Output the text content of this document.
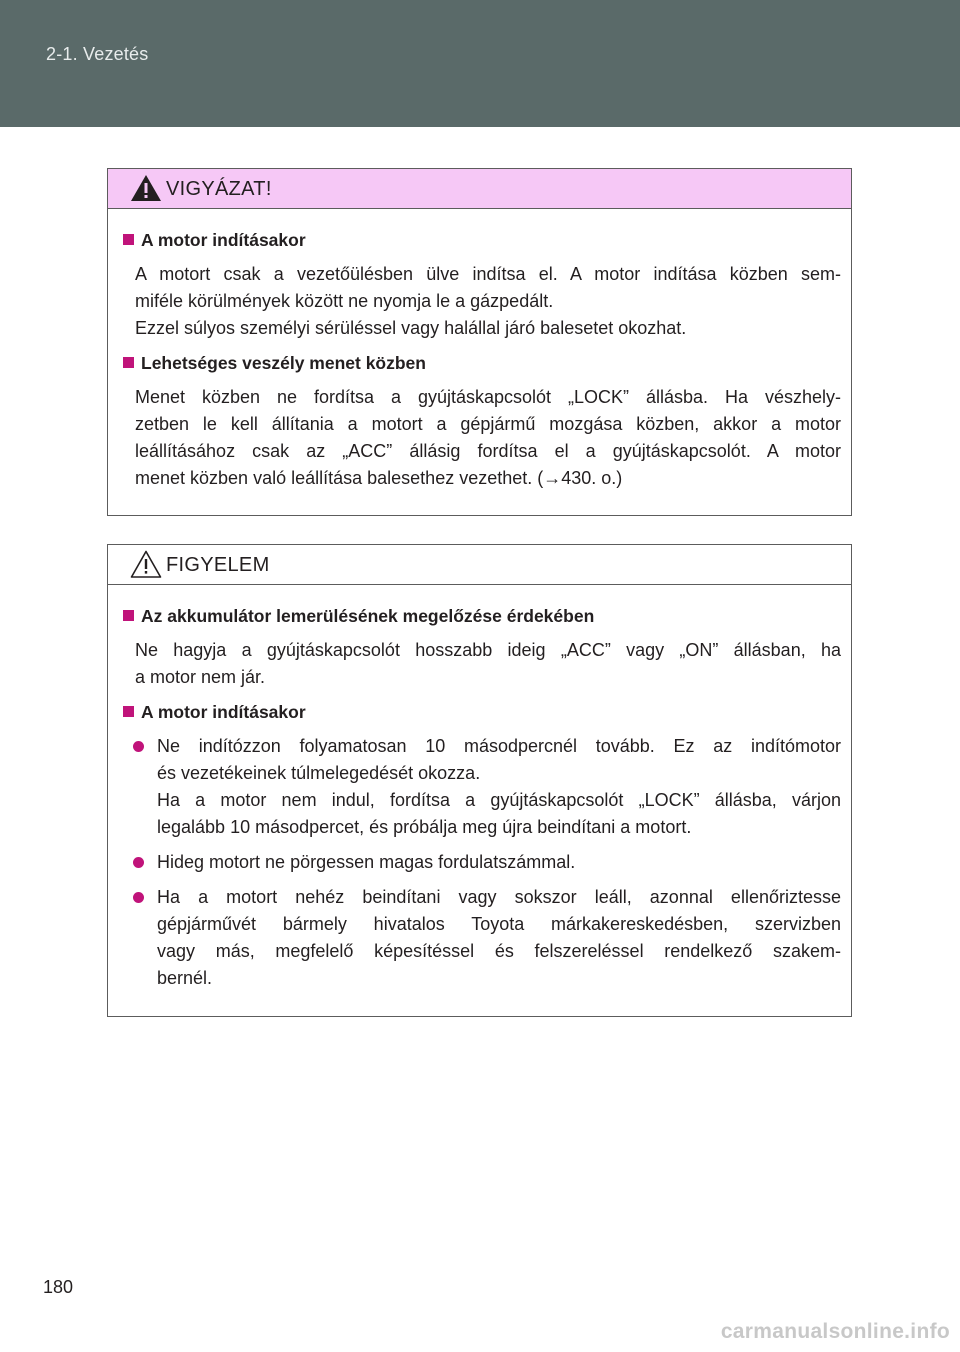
2-1. Vezetés
VIGYÁZAT!
A motor indításakor
A motort csak a vezetőülésben ülve indítsa el. A motor indítása közben sem-
miféle körülmények között ne nyomja le a gázpedált.
Ezzel súlyos személyi sérüléssel vagy halállal járó balesetet okozhat.
Lehetséges veszély menet közben
Menet közben ne fordítsa a gyújtáskapcsolót „LOCK” állásba. Ha vészhely-
zetben le kell állítania a motort a gépjármű mozgása közben, akkor a motor
leállításához csak az „ACC” állásig fordítsa el a gyújtáskapcsolót. A motor
menet közben való leállítása balesethez vezethet. (→430. o.)
FIGYELEM
Az akkumulátor lemerülésének megelőzése érdekében
Ne hagyja a gyújtáskapcsolót hosszabb ideig „ACC” vagy „ON” állásban, ha
a motor nem jár.
A motor indításakor
Ne indítózzon folyamatosan 10 másodpercnél tovább. Ez az indítómotor
és vezetékeinek túlmelegedését okozza.
Ha a motor nem indul, fordítsa a gyújtáskapcsolót „LOCK” állásba, várjon
legalább 10 másodpercet, és próbálja meg újra beindítani a motort.
Hideg motort ne pörgessen magas fordulatszámmal.
Ha a motort nehéz beindítani vagy sokszor leáll, azonnal ellenőriztesse
gépjárművét bármely hivatalos Toyota márkakereskedésben, szervizben
vagy más, megfelelő képesítéssel és felszereléssel rendelkező szakem-
bernél.
180
carmanualsonline.info
